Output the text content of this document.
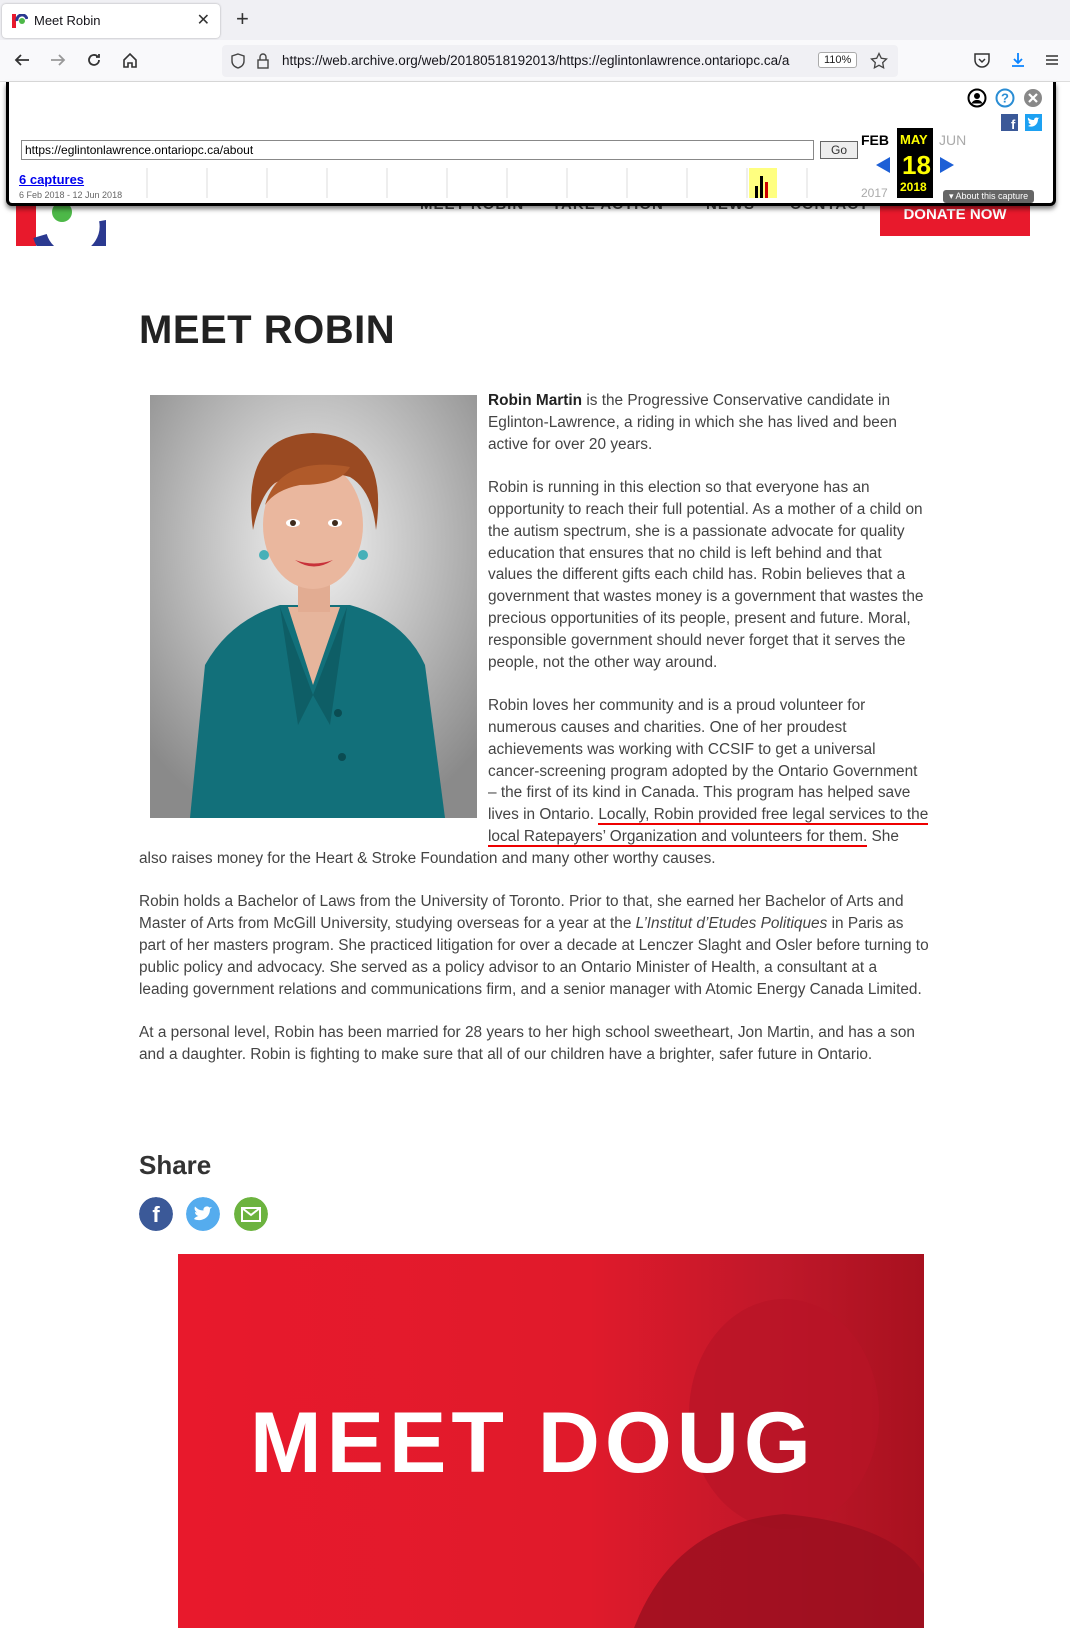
Meet Robin	✕ +
https://web.archive.org/web/20180518192013/https://eglintonlawrence.ontariopc.ca/a	110%
DONATE NOW
?
f
https://eglintonlawrence.ontariopc.ca/about
Go
6 captures
6 Feb 2018 - 12 Jun 2018
FEB MAY
18
2018
JUN
2017	▾ About this capture
MEET ROBIN

Robin Martin is the Progressive Conservative candidate in Eglinton-Lawrence, a riding in which she has lived and been active for over 20 years.

Robin is running in this election so that everyone has an opportunity to reach their full potential. As a mother of a child on the autism spectrum, she is a passionate advocate for quality education that ensures that no child is left behind and that values the different gifts each child has. Robin believes that a government that wastes money is a government that wastes the precious opportunities of its people, present and future. Moral, responsible government should never forget that it serves the people, not the other way around.

Robin loves her community and is a proud volunteer for numerous causes and charities. One of her proudest achievements was working with CCSIF to get a universal cancer-screening program adopted by the Ontario Government – the first of its kind in Canada. This program has helped save lives in Ontario. Locally, Robin provided free legal services to the local Ratepayers’ Organization and volunteers for them. She also raises money for the Heart & Stroke Foundation and many other worthy causes.

Robin holds a Bachelor of Laws from the University of Toronto. Prior to that, she earned her Bachelor of Arts and Master of Arts from McGill University, studying overseas for a year at the L’Institut d’Etudes Politiques in Paris as part of her masters program. She practiced litigation for over a decade at Lenczer Slaght and Osler before turning to public policy and advocacy. She served as a policy advisor to an Ontario Minister of Health, a consultant at a leading government relations and communications firm, and a senior manager with Atomic Energy Canada Limited.

At a personal level, Robin has been married for 28 years to her high school sweetheart, Jon Martin, and has a son and a daughter. Robin is fighting to make sure that all of our children have a brighter, safer future in Ontario.

Share
f
MEET DOUG
